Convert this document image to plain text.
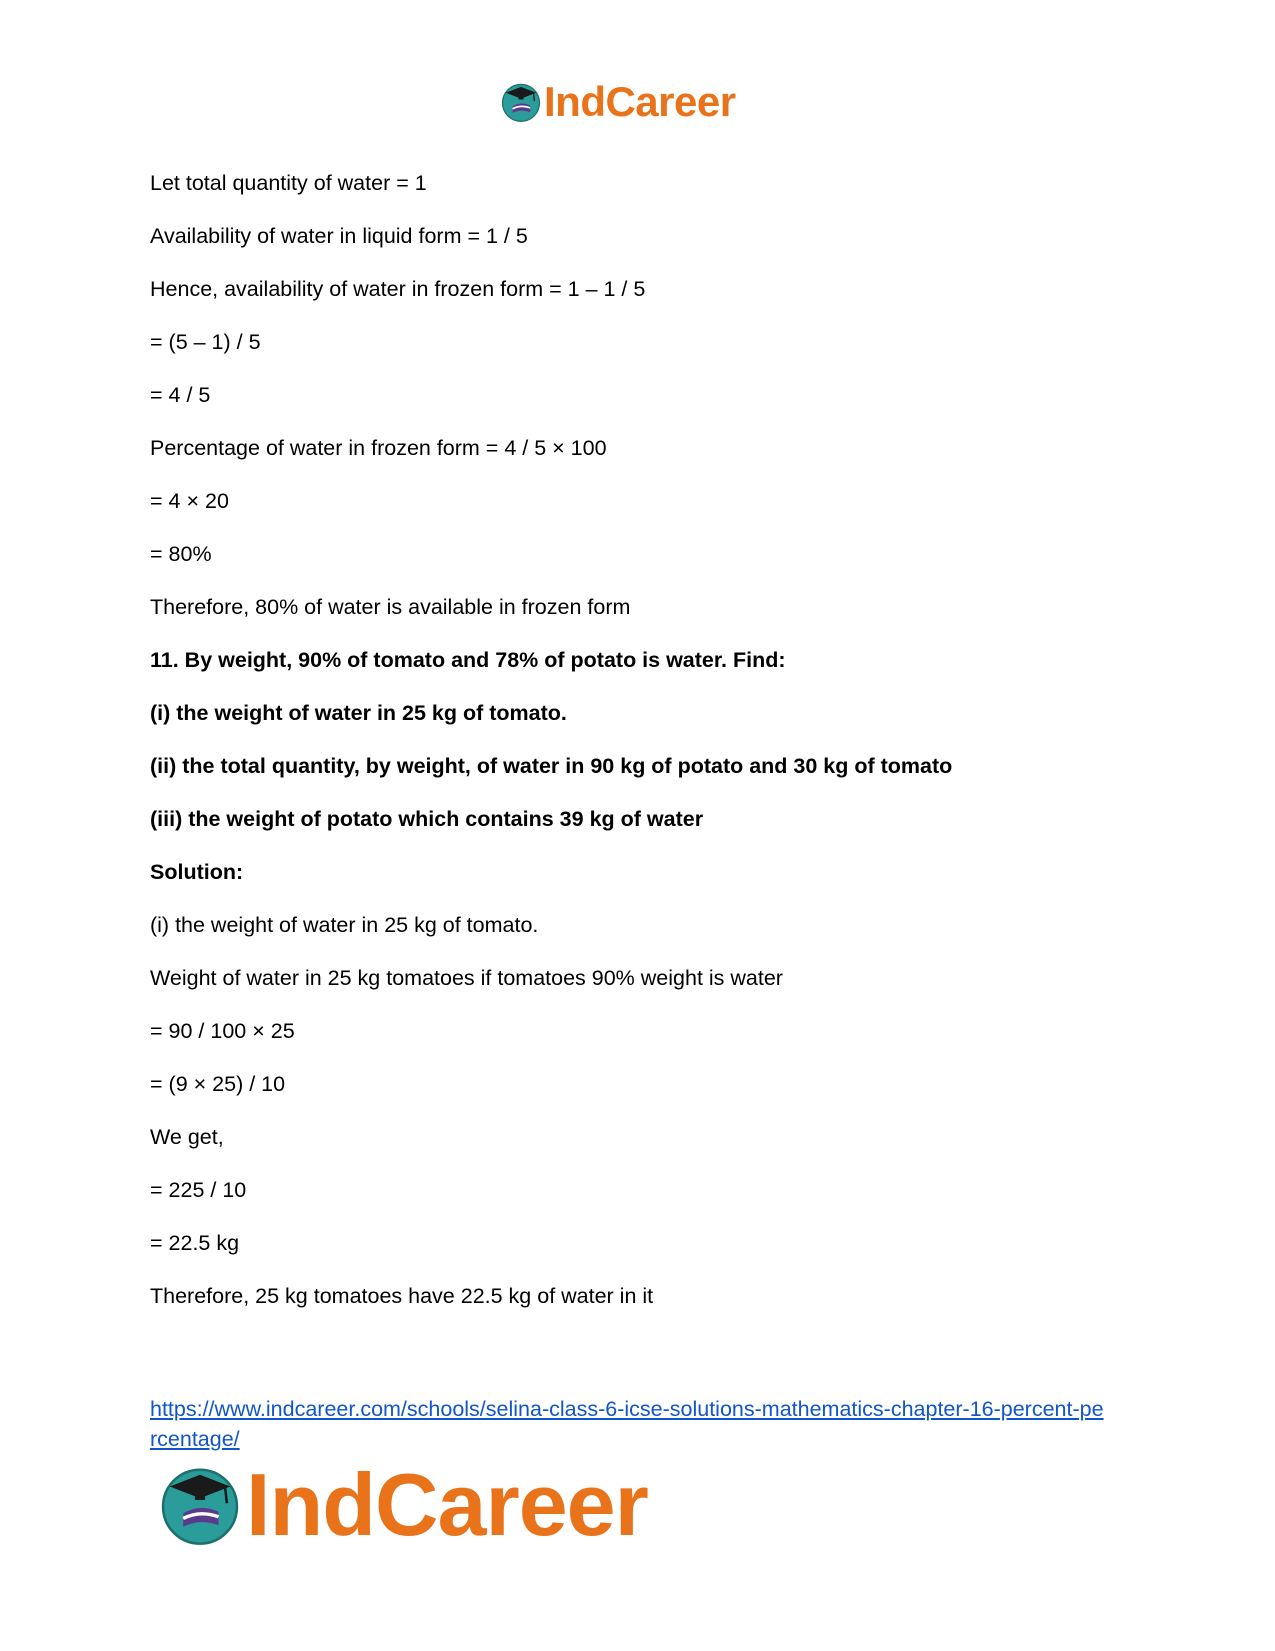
IndCareer
Let total quantity of water = 1
Availability of water in liquid form = 1 / 5
Hence, availability of water in frozen form = 1 – 1 / 5
= (5 – 1) / 5
= 4 / 5
Percentage of water in frozen form = 4 / 5 × 100
= 4 × 20
= 80%
Therefore, 80% of water is available in frozen form
11. By weight, 90% of tomato and 78% of potato is water. Find:
(i) the weight of water in 25 kg of tomato.
(ii) the total quantity, by weight, of water in 90 kg of potato and 30 kg of tomato
(iii) the weight of potato which contains 39 kg of water
Solution:
(i) the weight of water in 25 kg of tomato.
Weight of water in 25 kg tomatoes if tomatoes 90% weight is water
= 90 / 100 × 25
= (9 × 25) / 10
We get,
= 225 / 10
= 22.5 kg
Therefore, 25 kg tomatoes have 22.5 kg of water in it
https://www.indcareer.com/schools/selina-class-6-icse-solutions-mathematics-chapter-16-percent-percentage/
IndCareer
